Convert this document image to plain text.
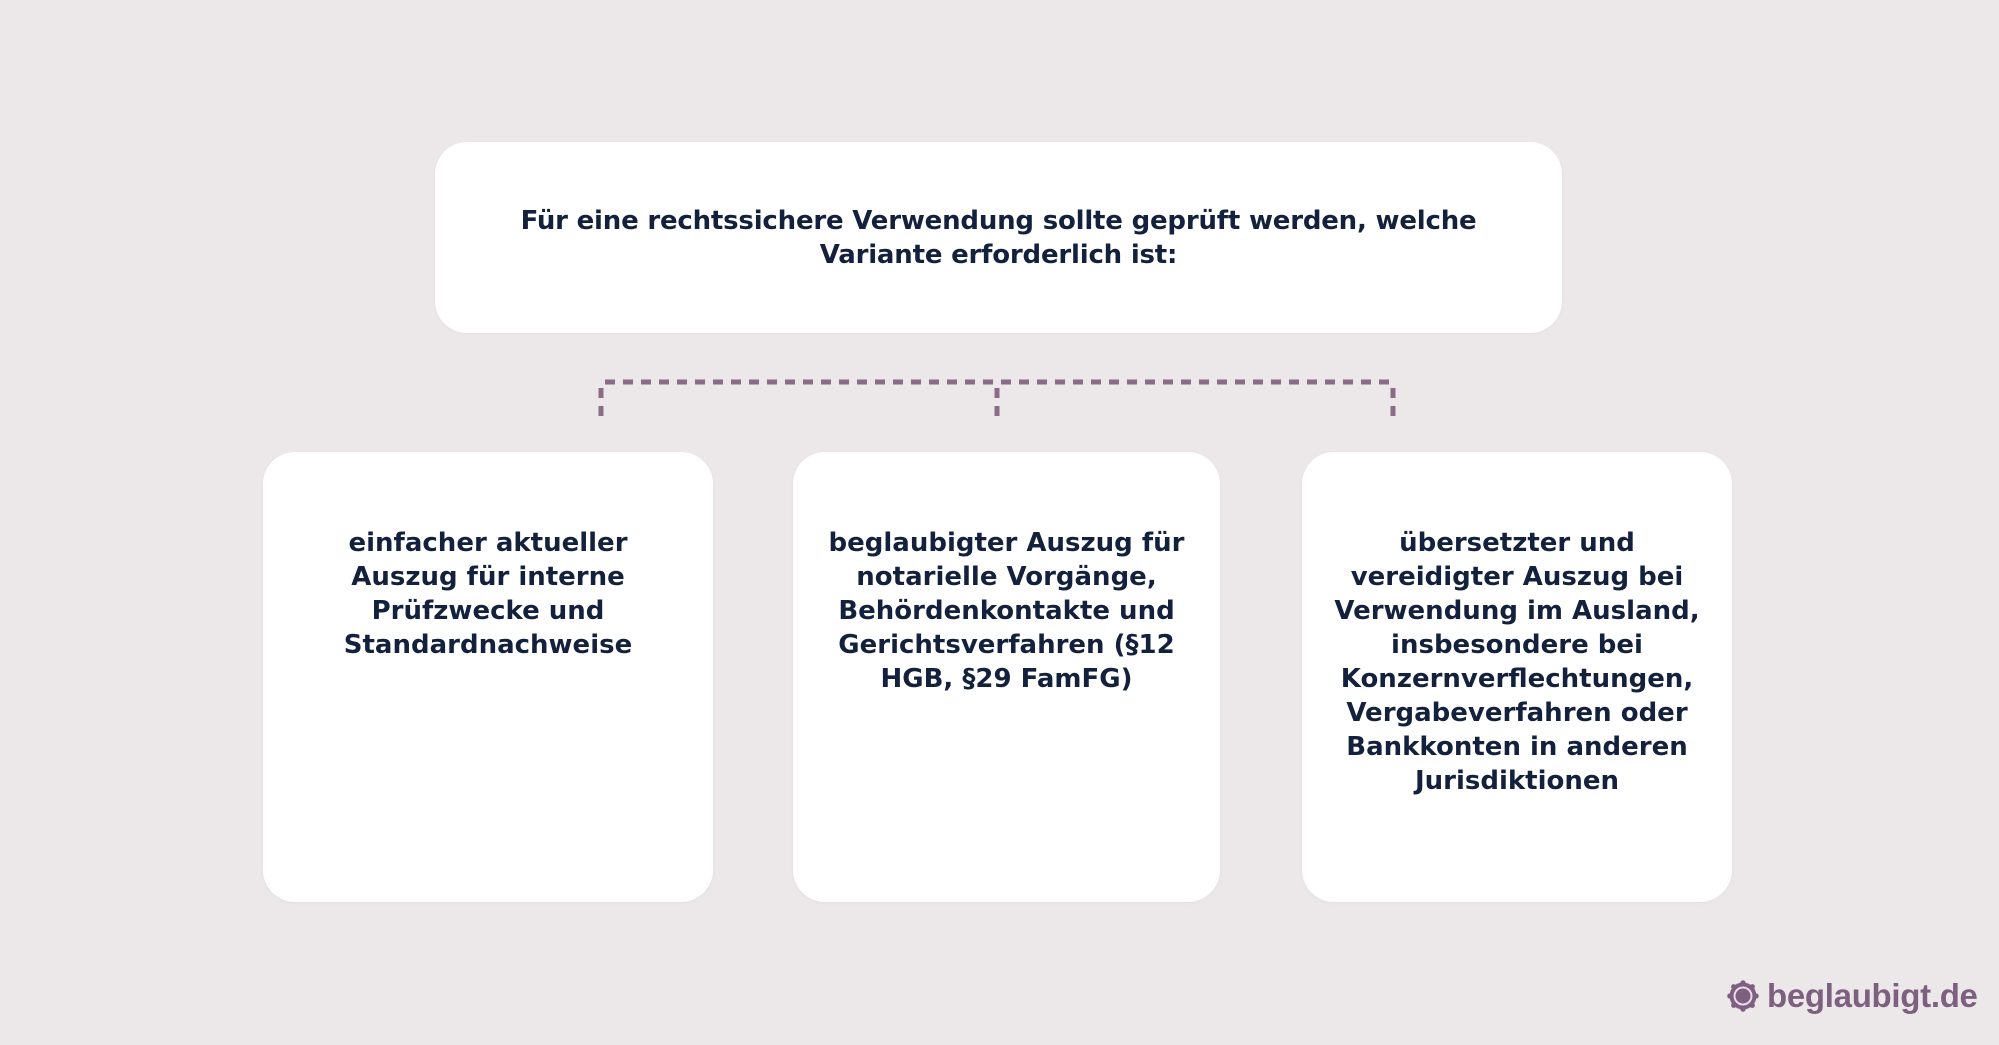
Für eine rechtssichere Verwendung sollte geprüft werden, welche Variante erforderlich ist:
einfacher aktueller Auszug für interne Prüfzwecke und Standardnachweise
beglaubigter Auszug für notarielle Vorgänge, Behördenkontakte und Gerichtsverfahren (§12 HGB, §29 FamFG)
übersetzter und vereidigter Auszug bei Verwendung im Ausland, insbesondere bei Konzernverflechtungen, Vergabeverfahren oder Bankkonten in anderen Jurisdiktionen
beglaubigt.de
